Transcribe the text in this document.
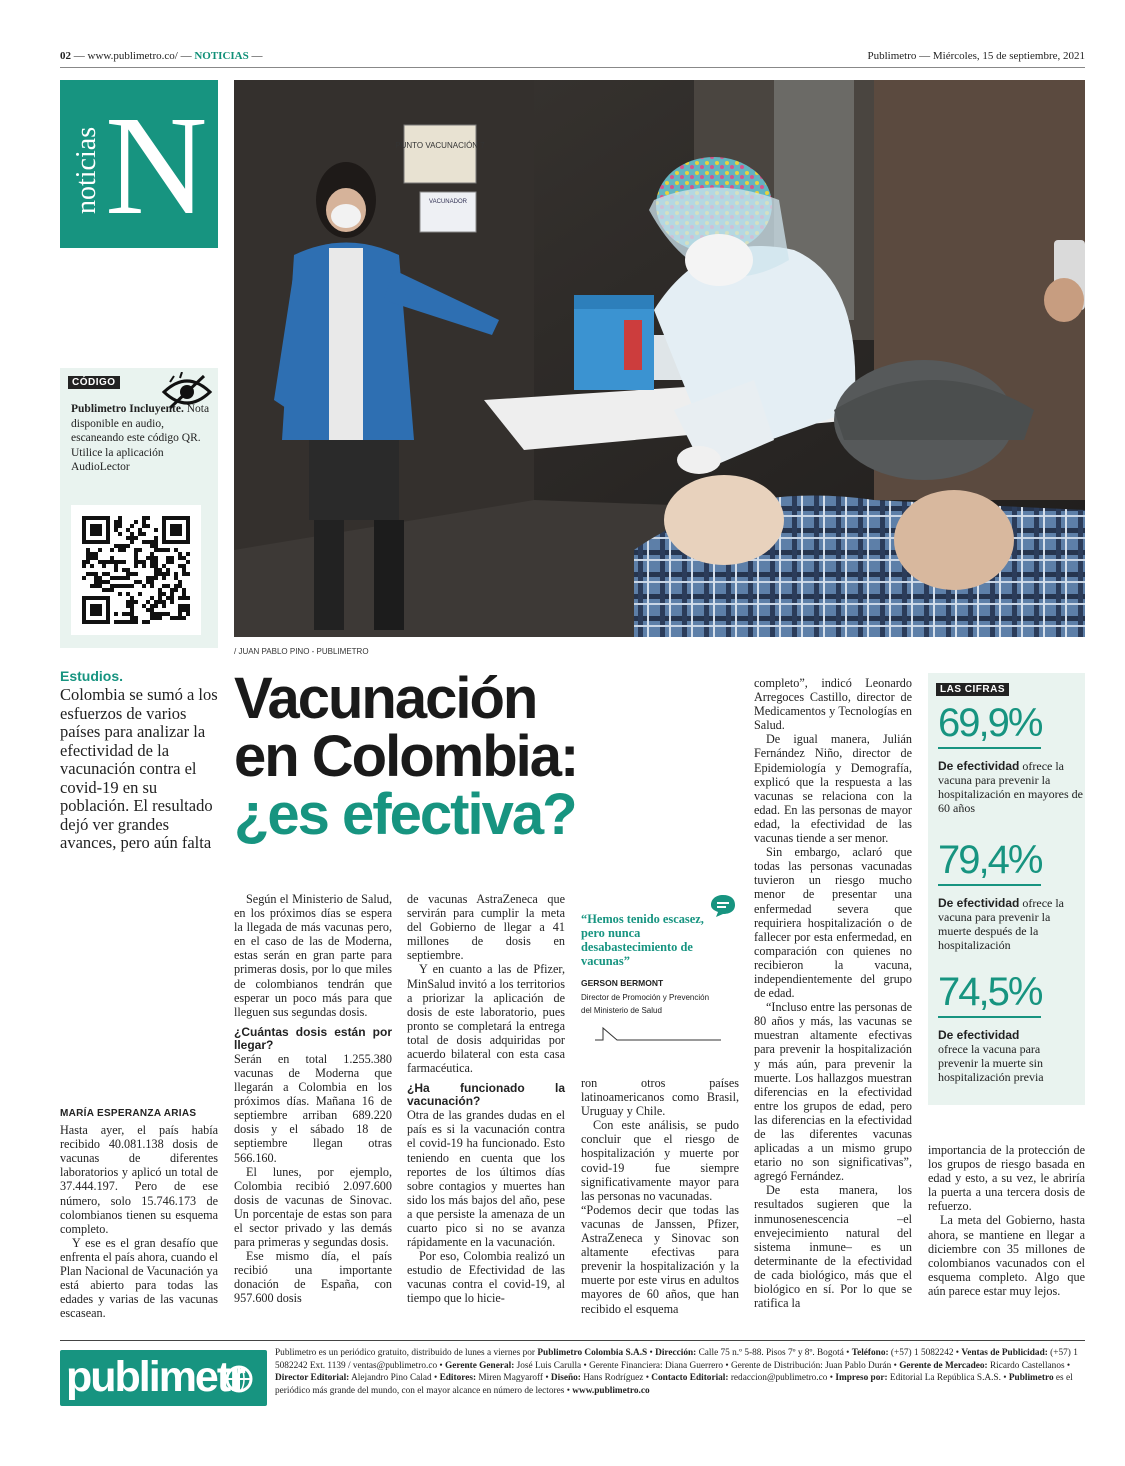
02 — www.publimetro.co/ — NOTICIAS —	Publimetro — Miércoles, 15 de septiembre, 2021
noticias N
CÓDIGO
Publimetro Incluyente. Nota disponible en audio, escaneando este código QR. Utilice la aplicación AudioLector
PUNTO VACUNACIÓN 7
VACUNADOR
/ JUAN PABLO PINO - PUBLIMETRO
Estudios.
Colombia se sumó a los esfuerzos de varios países para analizar la efectividad de la vacunación contra el covid-19 en su población. El resultado dejó ver grandes avances, pero aún falta
Vacunación
en Colombia:
¿es efectiva?
MARÍA ESPERANZA ARIAS

Hasta ayer, el país había recibido 40.081.138 dosis de vacunas de diferentes laboratorios y aplicó un total de 37.444.197. Pero de ese número, solo 15.746.173 de colombianos tienen su esquema completo.

Y ese es el gran desafío que enfrenta el país ahora, cuando el Plan Nacional de Vacunación ya está abierto para todas las edades y varias de las vacunas escasean.

Según el Ministerio de Salud, en los próximos días se espera la llegada de más vacunas pero, en el caso de las de Moderna, estas serán en gran parte para primeras dosis, por lo que miles de colombianos tendrán que esperar un poco más para que lleguen sus segundas dosis.

¿Cuántas dosis están por llegar?

Serán en total 1.255.380 vacunas de Moderna que llegarán a Colombia en los próximos días. Mañana 16 de septiembre arriban 689.220 dosis y el sábado 18 de septiembre llegan otras 566.160.

El lunes, por ejemplo, Colombia recibió 2.097.600 dosis de vacunas de Sinovac. Un porcentaje de estas son para el sector privado y las demás para primeras y segundas dosis.

Ese mismo día, el país recibió una importante donación de España, con 957.600 dosis

de vacunas AstraZeneca que servirán para cumplir la meta del Gobierno de llegar a 41 millones de dosis en septiembre.

Y en cuanto a las de Pfizer, MinSalud invitó a los territorios a priorizar la aplicación de dosis de este laboratorio, pues pronto se completará la entrega total de dosis adquiridas por acuerdo bilateral con esta casa farmacéutica.

¿Ha funcionado la vacunación?

Otra de las grandes dudas en el país es si la vacunación contra el covid-19 ha funcionado. Esto teniendo en cuenta que los reportes de los últimos días sobre contagios y muertes han sido los más bajos del año, pese a que persiste la amenaza de un cuarto pico si no se avanza rápidamente en la vacunación.

Por eso, Colombia realizó un estudio de Efectividad de las vacunas contra el covid-19, al tiempo que lo hicie-

“Hemos tenido escasez, pero nunca desabastecimiento de vacunas”
GERSON BERMONT
Director de Promoción y Prevención del Ministerio de Salud

ron otros países latinoamericanos como Brasil, Uruguay y Chile.

Con este análisis, se pudo concluir que el riesgo de hospitalización y muerte por covid-19 fue siempre significativamente mayor para las personas no vacunadas.

“Podemos decir que todas las vacunas de Janssen, Pfizer, AstraZeneca y Sinovac son altamente efectivas para prevenir la hospitalización y la muerte por este virus en adultos mayores de 60 años, que han recibido el esquema

completo”, indicó Leonardo Arregoces Castillo, director de Medicamentos y Tecnologías en Salud.

De igual manera, Julián Fernández Niño, director de Epidemiología y Demografía, explicó que la respuesta a las vacunas se relaciona con la edad. En las personas de mayor edad, la efectividad de las vacunas tiende a ser menor.

Sin embargo, aclaró que todas las personas vacunadas tuvieron un riesgo mucho menor de presentar una enfermedad severa que requiriera hospitalización o de fallecer por esta enfermedad, en comparación con quienes no recibieron la vacuna, independientemente del grupo de edad.

“Incluso entre las personas de 80 años y más, las vacunas se muestran altamente efectivas para prevenir la hospitalización y más aún, para prevenir la muerte. Los hallazgos muestran diferencias en la efectividad entre los grupos de edad, pero las diferencias en la efectividad de las diferentes vacunas aplicadas a un mismo grupo etario no son significativas”, agregó Fernández.

De esta manera, los resultados sugieren que la inmunosenescencia –el envejecimiento natural del sistema inmune– es un determinante de la efectividad de cada biológico, más que el biológico en sí. Por lo que se ratifica la

importancia de la protección de los grupos de riesgo basada en edad y esto, a su vez, le abriría la puerta a una tercera dosis de refuerzo.

La meta del Gobierno, hasta ahora, se mantiene en llegar a diciembre con 35 millones de colombianos vacunados con el esquema completo. Algo que aún parece estar muy lejos.

LAS CIFRAS
69,9%
De efectividad ofrece la vacuna para prevenir la hospitalización en mayores de 60 años
79,4%
De efectividad ofrece la vacuna para prevenir la muerte después de la hospitalización
74,5%
De efectividad
ofrece la vacuna para prevenir la muerte sin hospitalización previa
publimetr	Publimetro es un periódico gratuito, distribuido de lunes a viernes por Publimetro Colombia S.A.S • Dirección: Calle 75 n.º 5-88. Pisos 7º y 8º. Bogotá • Teléfono: (+57) 1 5082242 • Ventas de Publicidad: (+57) 1 5082242 Ext. 1139 / ventas@publimetro.co • Gerente General: José Luis Carulla • Gerente Financiera: Diana Guerrero • Gerente de Distribución: Juan Pablo Durán • Gerente de Mercadeo: Ricardo Castellanos • Director Editorial: Alejandro Pino Calad • Editores: Miren Magyaroff • Diseño: Hans Rodríguez • Contacto Editorial: redaccion@publimetro.co • Impreso por: Editorial La República S.A.S. • Publimetro es el periódico más grande del mundo, con el mayor alcance en número de lectores • www.publimetro.co
